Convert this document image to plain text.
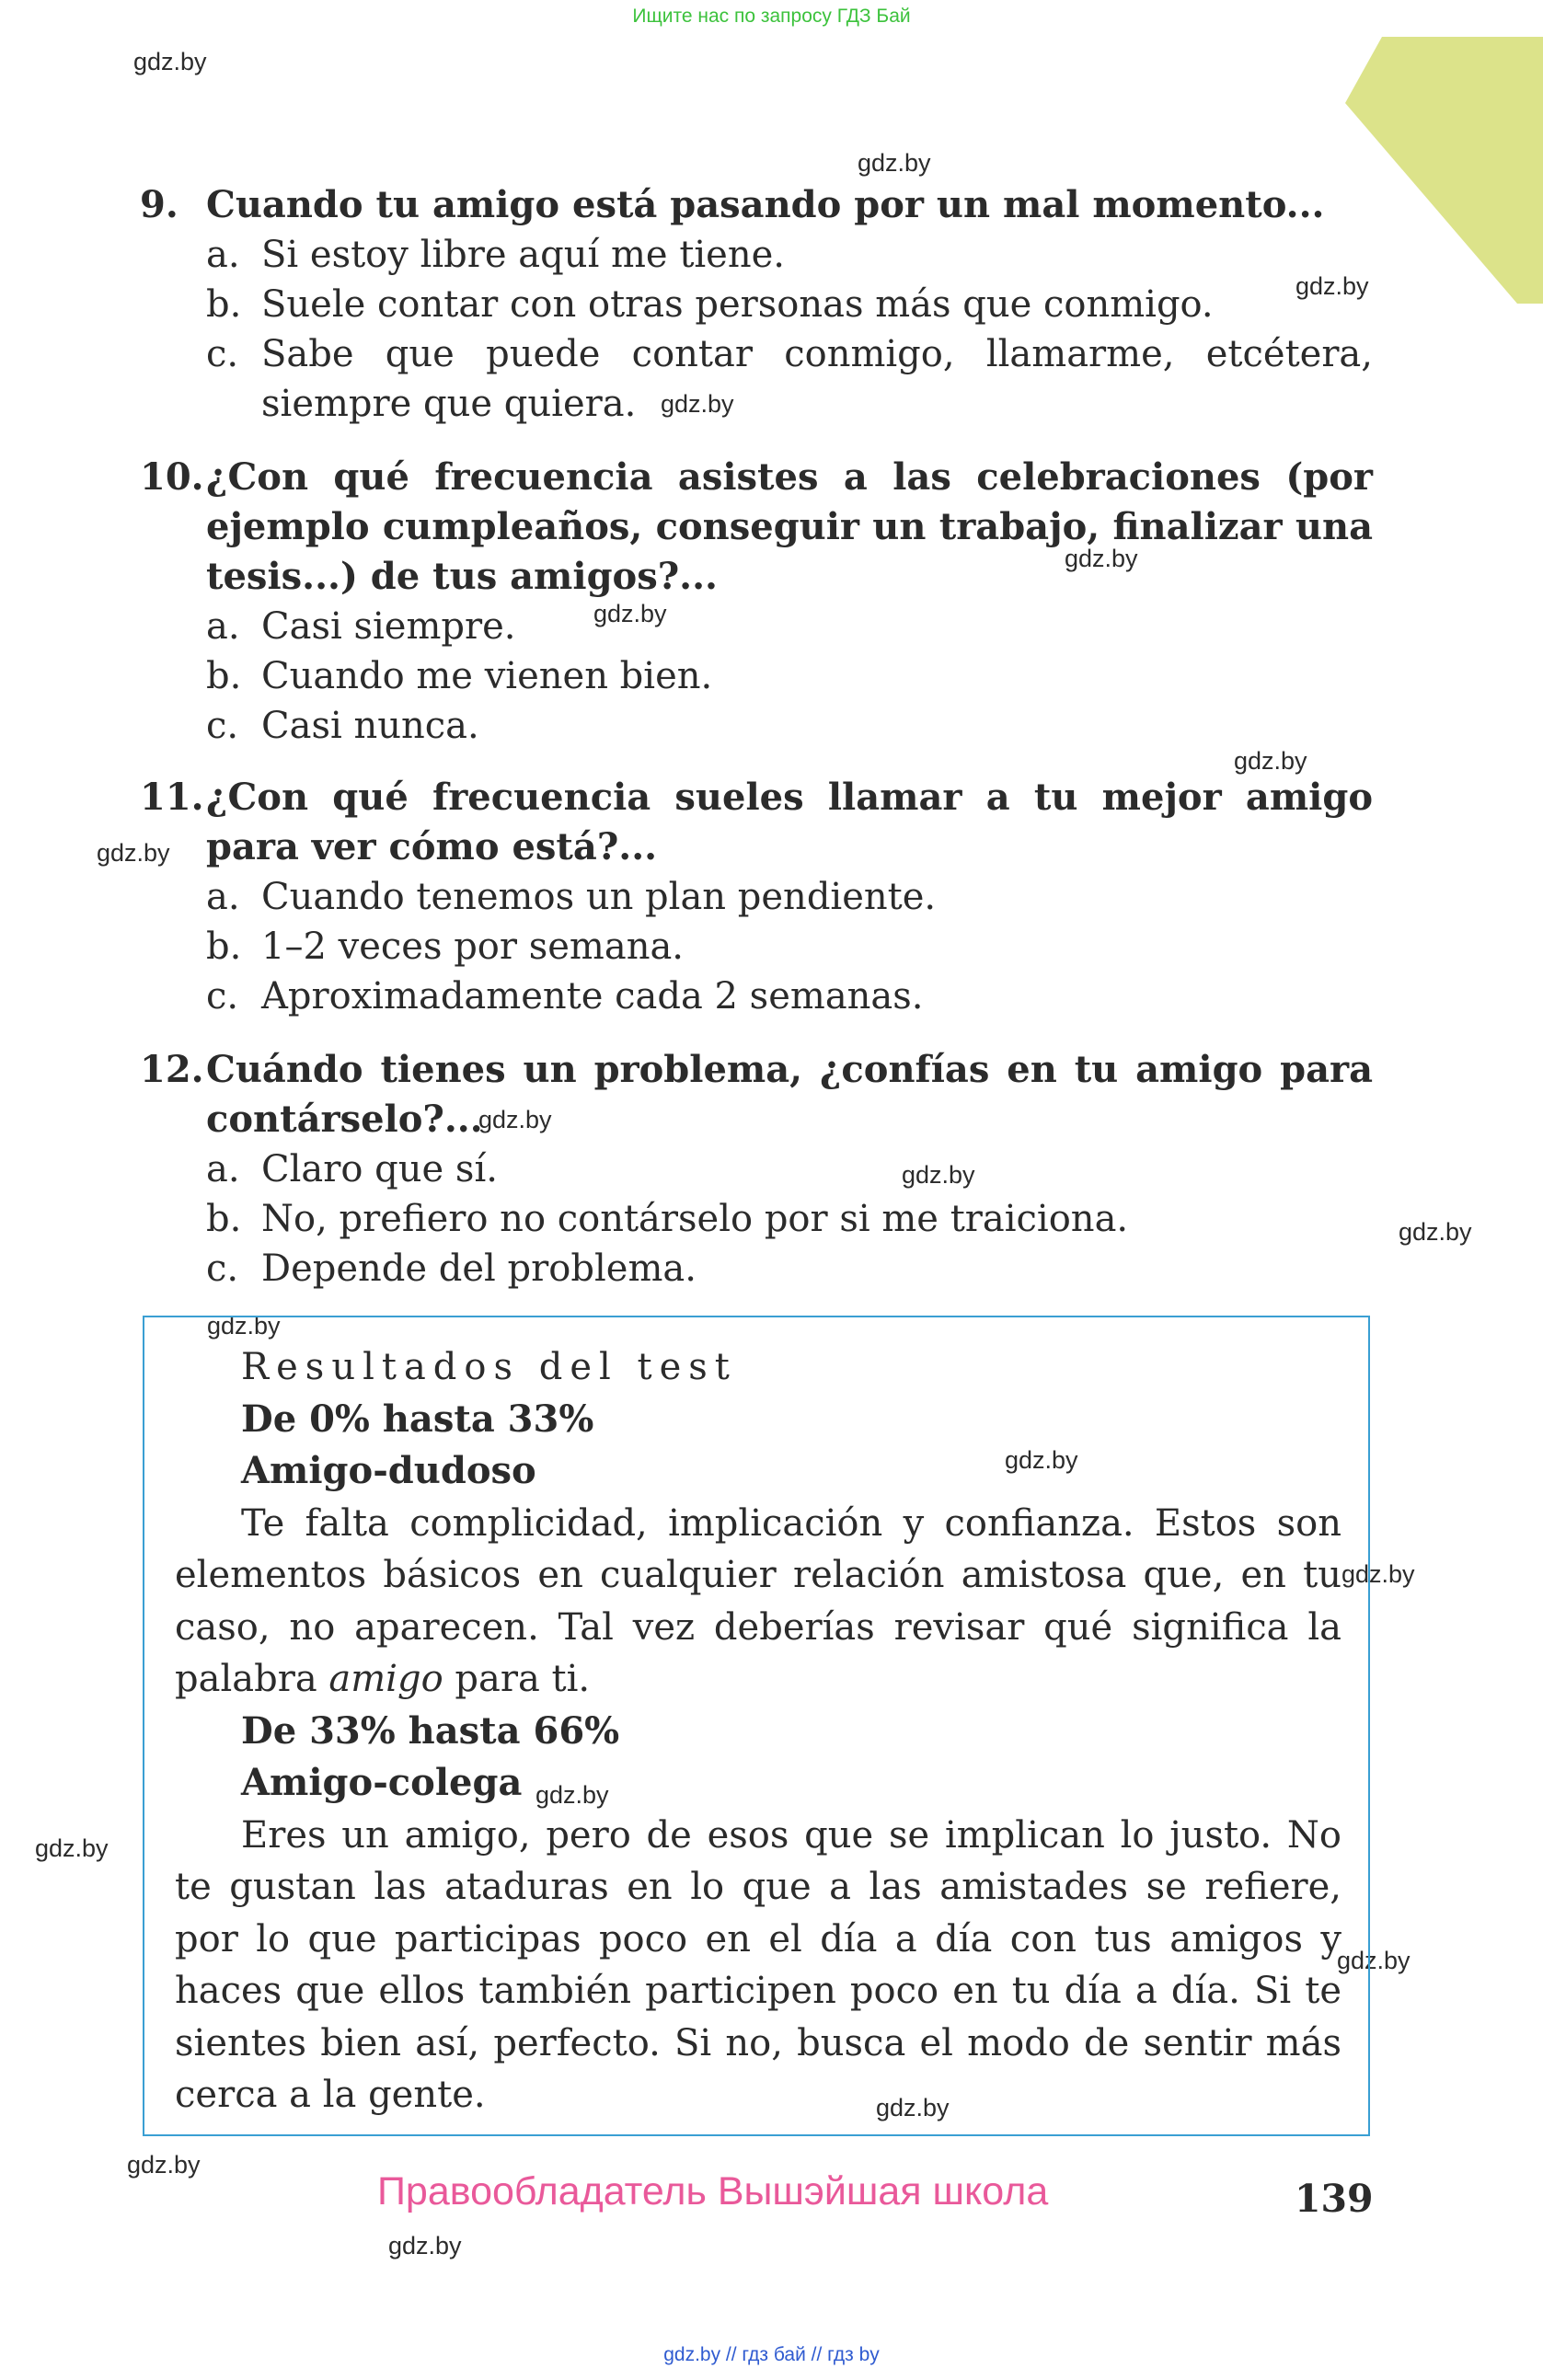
Ищите нас по запросу ГДЗ Бай
gdz.by
gdz.by
gdz.by
gdz.by
gdz.by
gdz.by
gdz.by
gdz.by
gdz.by
gdz.by
gdz.by
gdz.by
gdz.by
gdz.by
gdz.by
gdz.by
gdz.by
gdz.by
gdz.by
gdz.by
9. Cuando tu amigo está pasando por un mal momento...
a. Si estoy libre aquí me tiene.
b. Suele contar con otras personas más que conmigo.
c. Sabe que puede contar conmigo, llamarme, etcétera, siempre que quiera.
10. ¿Con qué frecuencia asistes a las celebraciones (por ejemplo cumpleaños, conseguir un trabajo, finalizar una tesis...) de tus amigos?...
a. Casi siempre.
b. Cuando me vienen bien.
c. Casi nunca.
11. ¿Con qué frecuencia sueles llamar a tu mejor amigo para ver cómo está?...
a. Cuando tenemos un plan pendiente.
b. 1–2 veces por semana.
c. Aproximadamente cada 2 semanas.
12. Cuándo tienes un problema, ¿confías en tu amigo para contárselo?...
a. Claro que sí.
b. No, prefiero no contárselo por si me traiciona.
c. Depende del problema.

Resultados del test

De 0% hasta 33%

Amigo-dudoso

Te falta complicidad, implicación y confianza. Estos son elementos básicos en cualquier relación amistosa que, en tu caso, no aparecen. Tal vez deberías revisar qué significa la palabra amigo para ti.

De 33% hasta 66%

Amigo-colega

Eres un amigo, pero de esos que se implican lo justo. No te gustan las ataduras en lo que a las amistades se refiere, por lo que participas poco en el día a día con tus amigos y haces que ellos también participen poco en tu día a día. Si te sientes bien así, perfecto. Si no, busca el modo de sentir más cerca a la gente.

Правообладатель Вышэйшая школа	139
gdz.by // гдз бай // гдз by
